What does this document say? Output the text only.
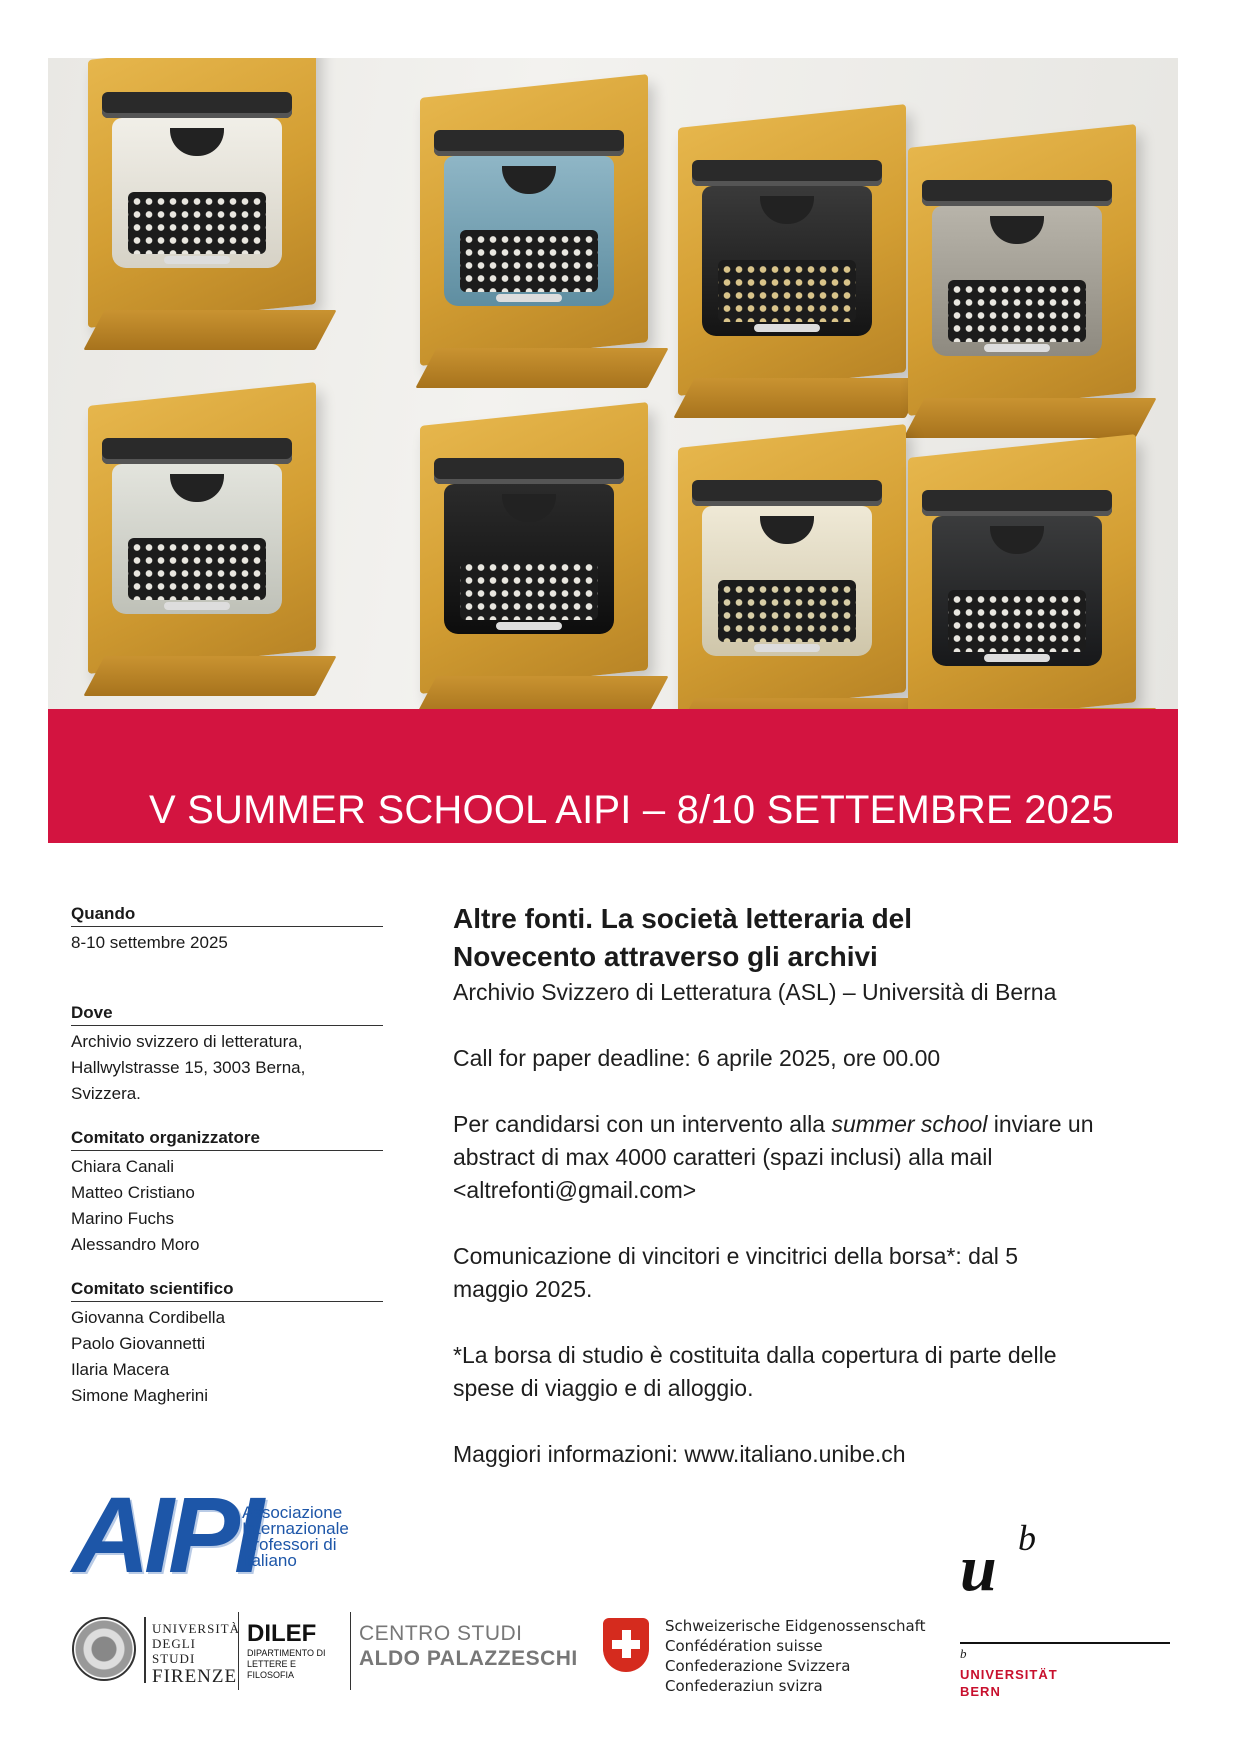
V SUMMER SCHOOL AIPI – 8/10 SETTEMBRE 2025
Quando
8-10 settembre 2025
Dove
Archivio svizzero di letteratura,
Hallwylstrasse 15, 3003 Berna,
Svizzera.
Comitato organizzatore
Chiara Canali
Matteo Cristiano
Marino Fuchs
Alessandro Moro
Comitato scientifico
Giovanna Cordibella
Paolo Giovannetti
Ilaria Macera
Simone Magherini
Altre fonti. La società letteraria del
Novecento attraverso gli archivi
Archivio Svizzero di Letteratura (ASL) – Università di Berna
Call for paper deadline: 6 aprile 2025, ore 00.00
Per candidarsi con un intervento alla summer school inviare un
abstract di max 4000 caratteri (spazi inclusi) alla mail
<altrefonti@gmail.com>
Comunicazione di vincitori e vincitrici della borsa*: dal 5
maggio 2025.
*La borsa di studio è costituita dalla copertura di parte delle
spese di viaggio e di alloggio.
Maggiori informazioni: www.italiano.unibe.ch
AIPI
Associazione
Internazionale
Professori di
Italiano	u b
b
UNIVERSITÄT
BERN
UNIVERSITÀ
DEGLI STUDI
FIRENZE
DILEF
DIPARTIMENTO DI
LETTERE E FILOSOFIA
CENTRO STUDI
ALDO PALAZZESCHI
Schweizerische Eidgenossenschaft
Confédération suisse
Confederazione Svizzera
Confederaziun svizra
